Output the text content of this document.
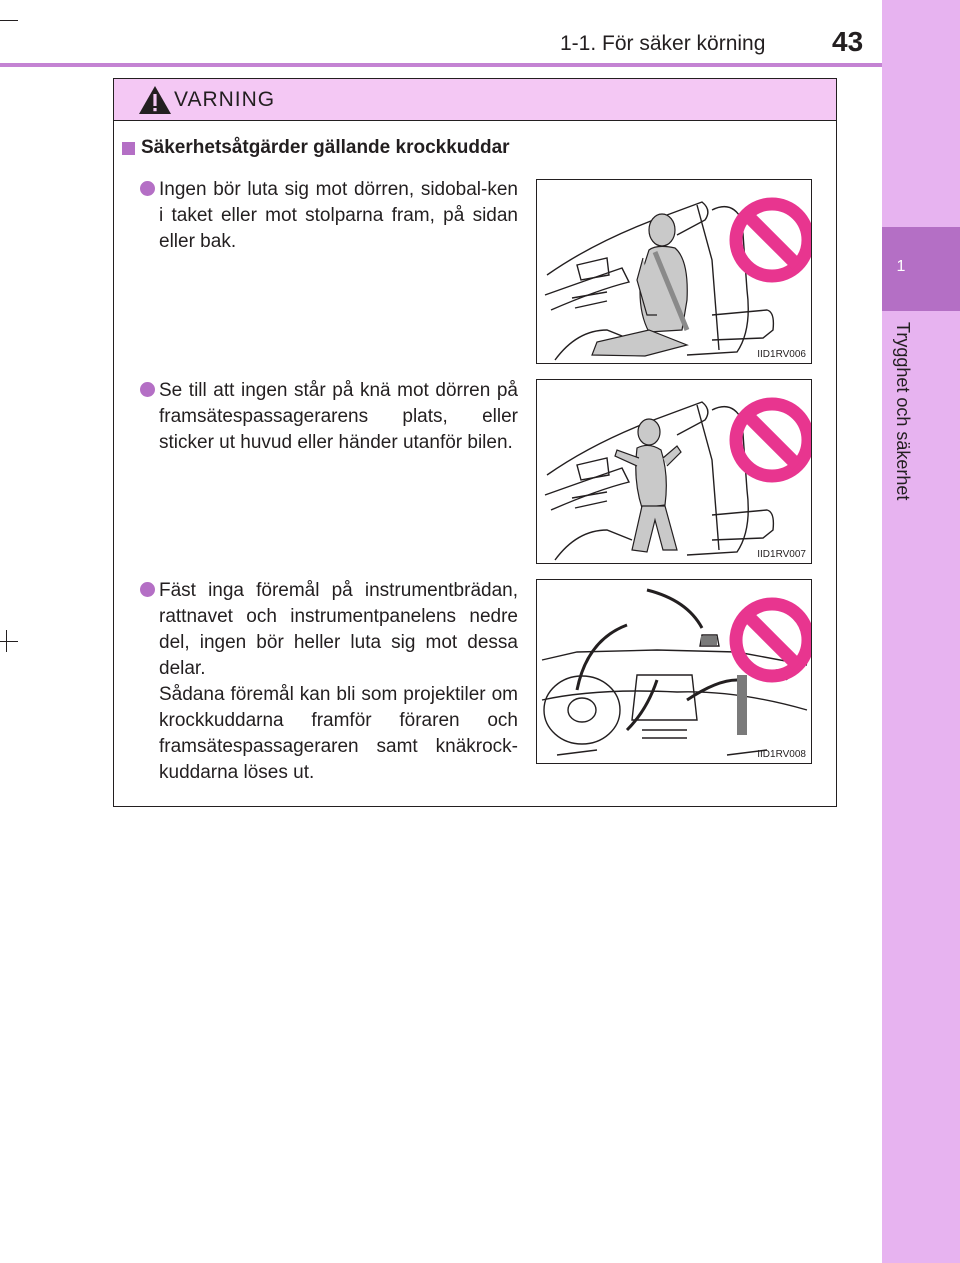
1-1. För säker körning 43
1
Trygghet och säkerhet
VARNING
Säkerhetsåtgärder gällande krockkuddar
Ingen bör luta sig mot dörren, sidobal-ken i taket eller mot stolparna fram, på sidan eller bak.
IID1RV006
Se till att ingen står på knä mot dörren på framsätespassagerarens plats, eller sticker ut huvud eller händer utanför bilen.
IID1RV007
Fäst inga föremål på instrumentbrädan, rattnavet och instrumentpanelens nedre del, ingen bör heller luta sig mot dessa delar.
Sådana föremål kan bli som projektiler om krockkuddarna framför föraren och framsätespassageraren samt knäkrock-kuddarna löses ut.
IID1RV008
